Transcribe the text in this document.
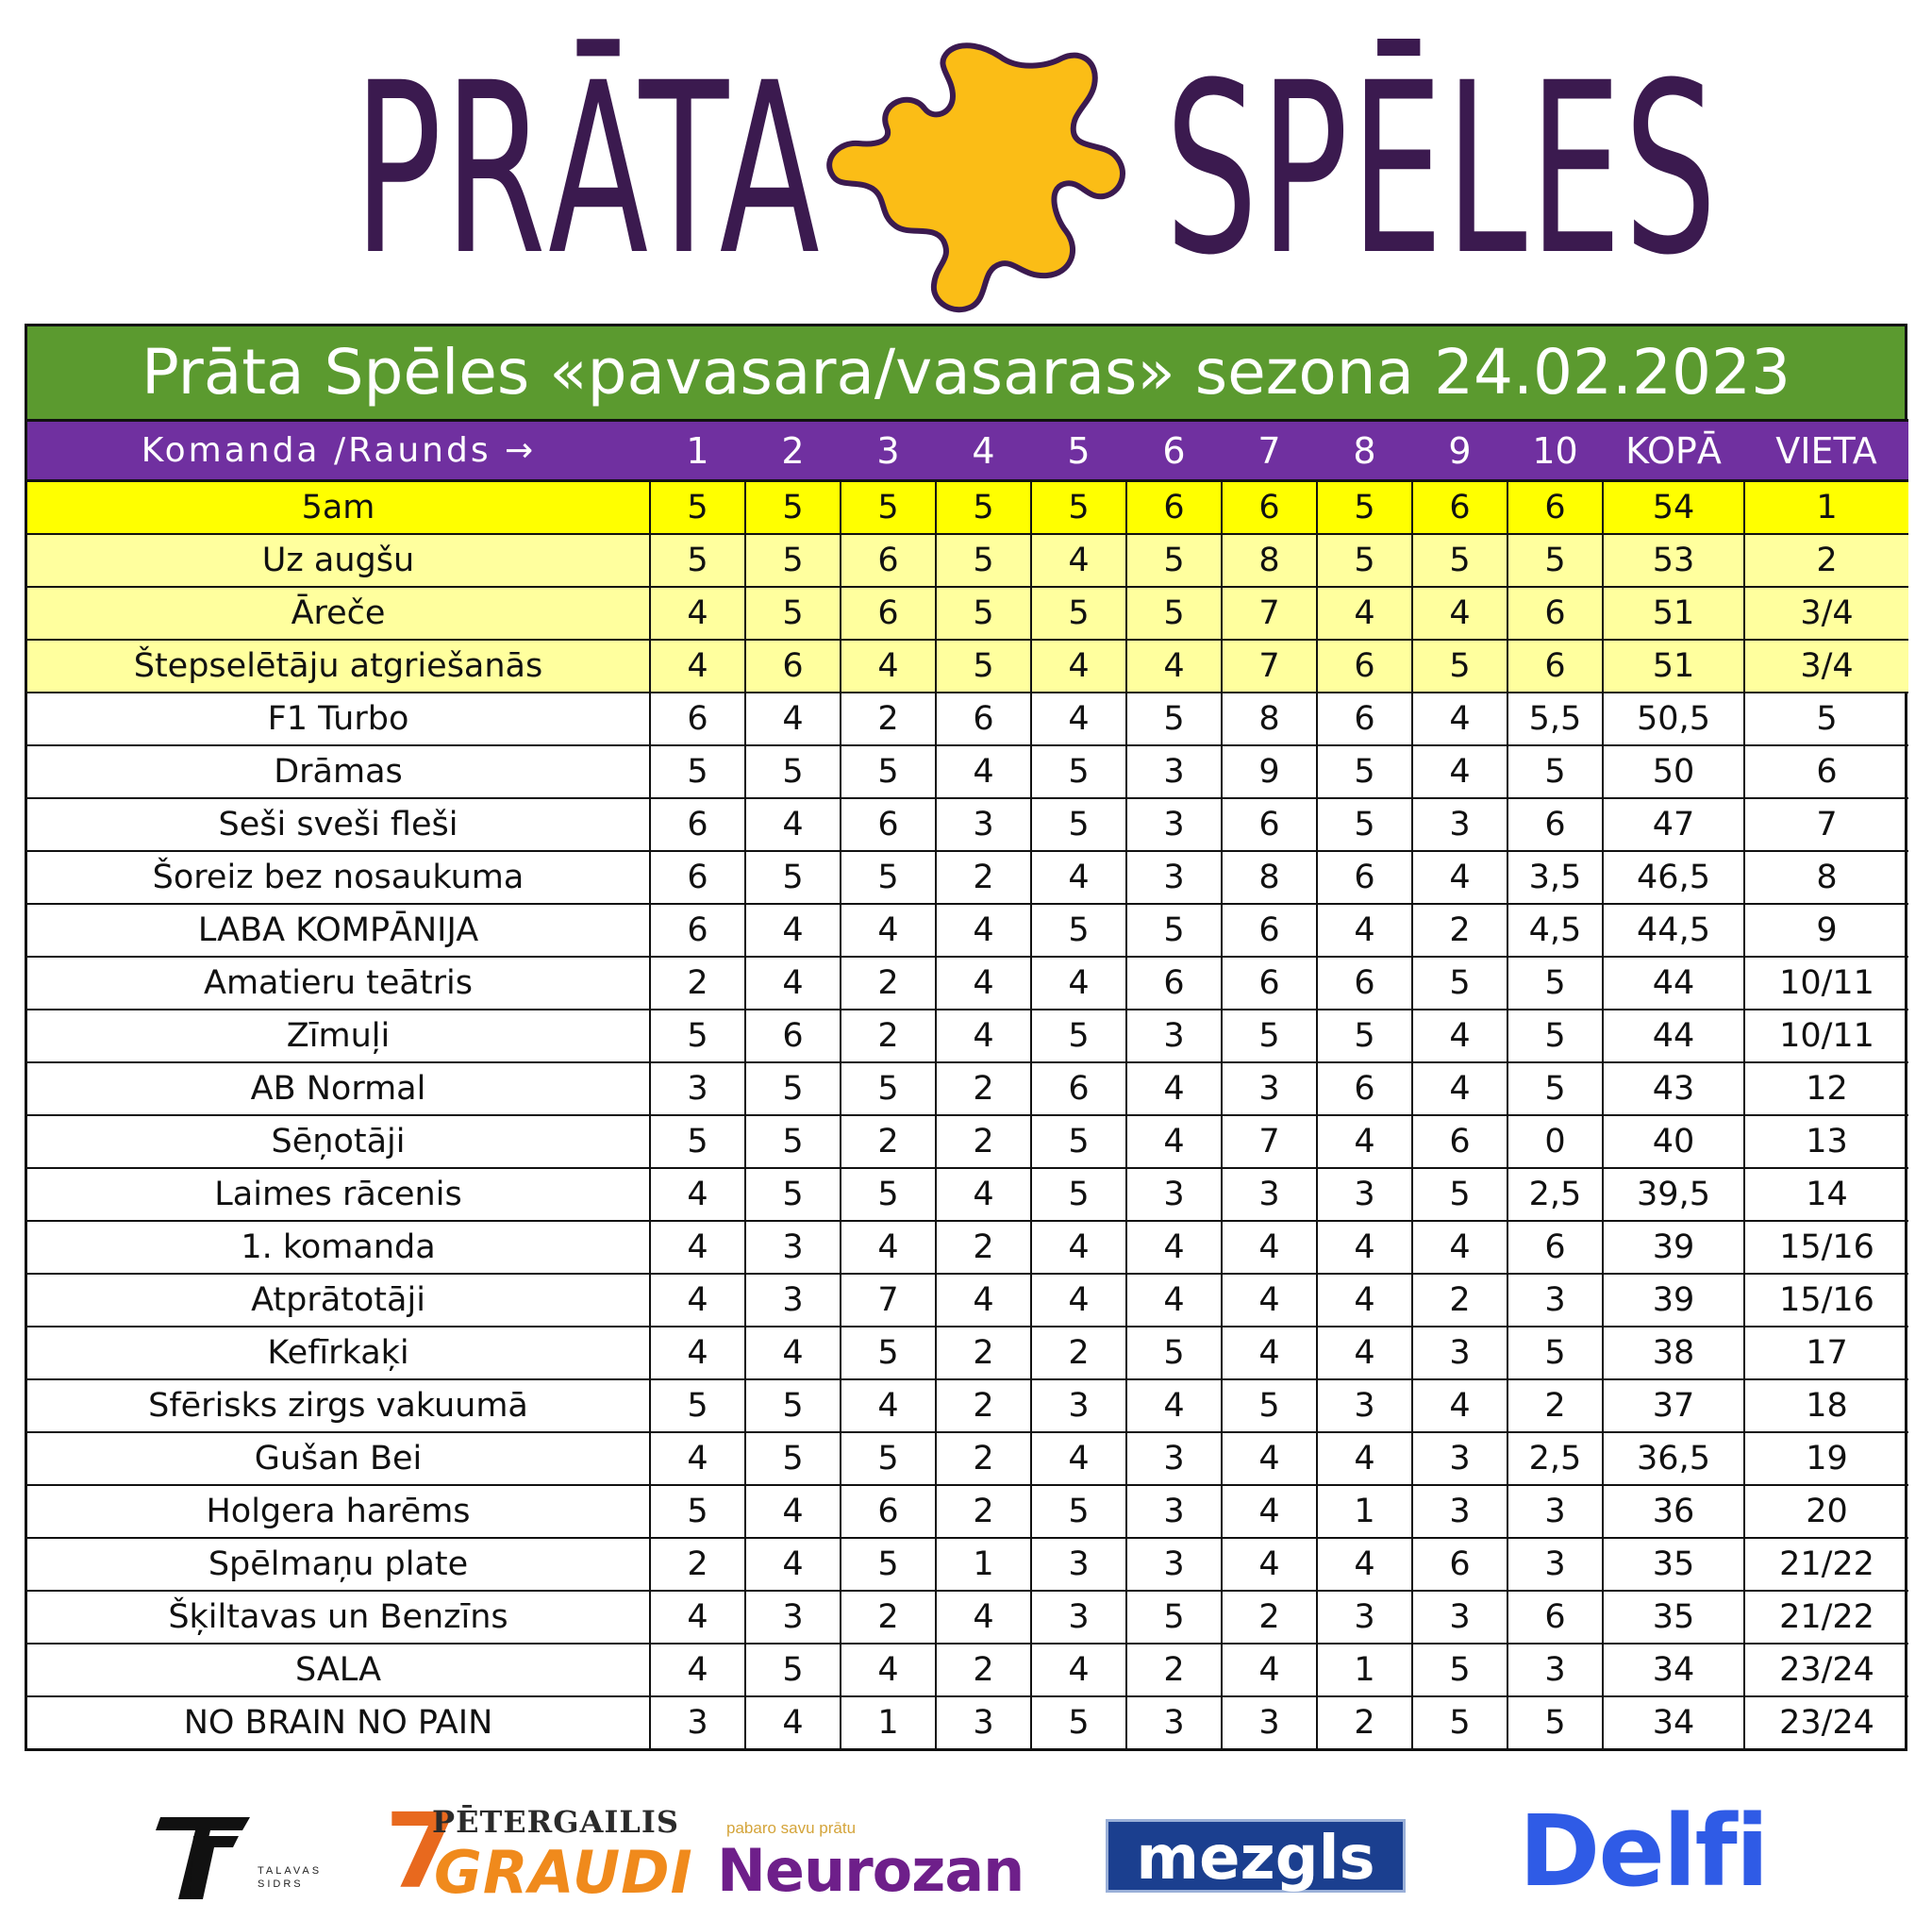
PRĀTA SPĒLES
Prāta Spēles «pavasara/vasaras» sezona 24.02.2023
Komanda /Raunds →	1	2	3	4	5	6	7	8	9	10	KOPĀ	VIETA
5am	5	5	5	5	5	6	6	5	6	6	54	1
Uz augšu	5	5	6	5	4	5	8	5	5	5	53	2
Āreče	4	5	6	5	5	5	7	4	4	6	51	3/4
Štepselētāju atgriešanās	4	6	4	5	4	4	7	6	5	6	51	3/4
F1 Turbo	6	4	2	6	4	5	8	6	4	5,5	50,5	5
Drāmas	5	5	5	4	5	3	9	5	4	5	50	6
Seši sveši fleši	6	4	6	3	5	3	6	5	3	6	47	7
Šoreiz bez nosaukuma	6	5	5	2	4	3	8	6	4	3,5	46,5	8
LABA KOMPĀNIJA	6	4	4	4	5	5	6	4	2	4,5	44,5	9
Amatieru teātris	2	4	2	4	4	6	6	6	5	5	44	10/11
Zīmuļi	5	6	2	4	5	3	5	5	4	5	44	10/11
AB Normal	3	5	5	2	6	4	3	6	4	5	43	12
Sēņotāji	5	5	2	2	5	4	7	4	6	0	40	13
Laimes rācenis	4	5	5	4	5	3	3	3	5	2,5	39,5	14
1. komanda	4	3	4	2	4	4	4	4	4	6	39	15/16
Atprātotāji	4	3	7	4	4	4	4	4	2	3	39	15/16
Kefīrkaķi	4	4	5	2	2	5	4	4	3	5	38	17
Sfērisks zirgs vakuumā	5	5	4	2	3	4	5	3	4	2	37	18
Gušan Bei	4	5	5	2	4	3	4	4	3	2,5	36,5	19
Holgera harēms	5	4	6	2	5	3	4	1	3	3	36	20
Spēlmaņu plate	2	4	5	1	3	3	4	4	6	3	35	21/22
Šķiltavas un Benzīns	4	3	2	4	3	5	2	3	3	6	35	21/22
SALA	4	5	4	2	4	2	4	1	5	3	34	23/24
NO BRAIN NO PAIN	3	4	1	3	5	3	3	2	5	5	34	23/24
TALAVAS SIDRS 7
PĒTERGAILIS
GRAUDI
pabaro savu prātu
Neurozan	mezgls	Delfi
